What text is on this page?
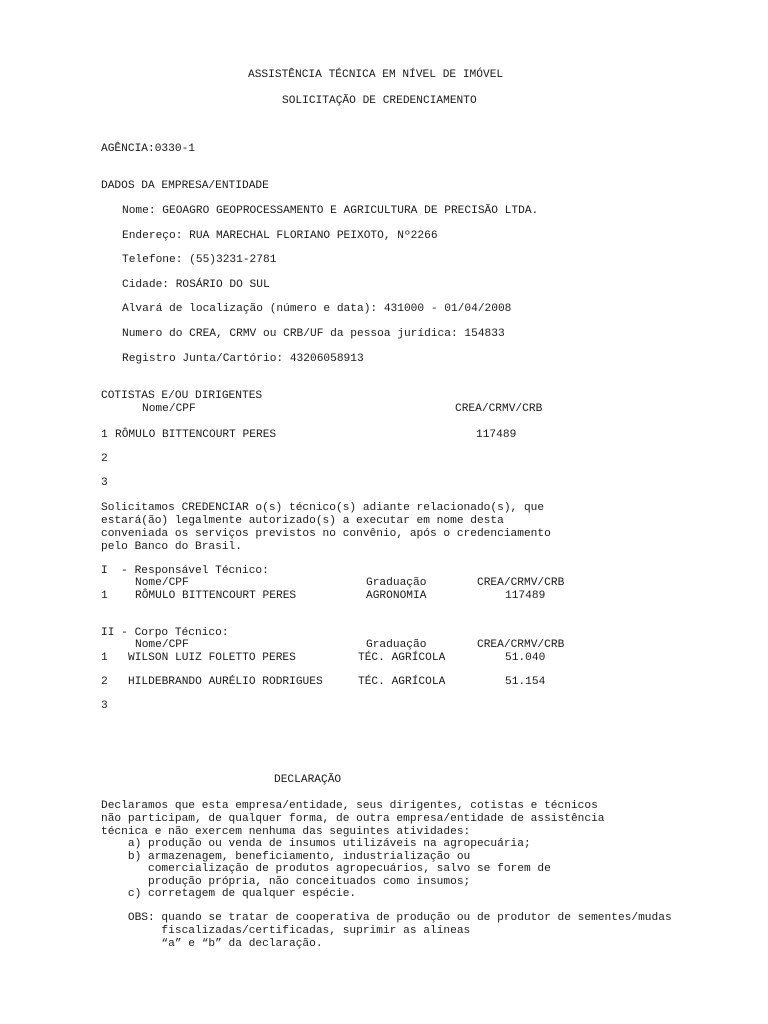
ASSISTÊNCIA TÉCNICA EM NÍVEL DE IMÓVEL
SOLICITAÇÃO DE CREDENCIAMENTO
AGÊNCIA:0330-1
DADOS DA EMPRESA/ENTIDADE
Nome: GEOAGRO GEOPROCESSAMENTO E AGRICULTURA DE PRECISÃO LTDA.
Endereço: RUA MARECHAL FLORIANO PEIXOTO, Nº2266
Telefone: (55)3231-2781
Cidade: ROSÁRIO DO SUL
Alvará de localização (número e data): 431000 - 01/04/2008
Numero do CREA, CRMV ou CRB/UF da pessoa jurídica: 154833
Registro Junta/Cartório: 43206058913
COTISTAS E/OU DIRIGENTES
Nome/CPF	CREA/CRMV/CRB
1 RÔMULO BITTENCOURT PERES	117489
2
3
Solicitamos CREDENCIAR o(s) técnico(s) adiante relacionado(s), que
estará(ão) legalmente autorizado(s) a executar em nome desta
conveniada os serviços previstos no convênio, após o credenciamento
pelo Banco do Brasil.
I  - Responsável Técnico:
Nome/CPF	Graduação	CREA/CRMV/CRB
1 RÔMULO BITTENCOURT PERES	AGRONOMIA	117489
II - Corpo Técnico:
Nome/CPF	Graduação	CREA/CRMV/CRB
1 WILSON LUIZ FOLETTO PERES	TÉC. AGRÍCOLA	51.040
2 HILDEBRANDO AURÉLIO RODRIGUES	TÉC. AGRÍCOLA	51.154
3
DECLARAÇÃO
Declaramos que esta empresa/entidade, seus dirigentes, cotistas e técnicos
não participam, de qualquer forma, de outra empresa/entidade de assistência
técnica e não exercem nenhuma das seguintes atividades:
a) produção ou venda de insumos utilizáveis na agropecuária;
b) armazenagem, beneficiamento, industrialização ou
comercialização de produtos agropecuários, salvo se forem de
produção própria, não conceituados como insumos;
c) corretagem de qualquer espécie.
OBS: quando se tratar de cooperativa de produção ou de produtor de sementes/mudas
fiscalizadas/certificadas, suprimir as alíneas
“a” e “b” da declaração.
